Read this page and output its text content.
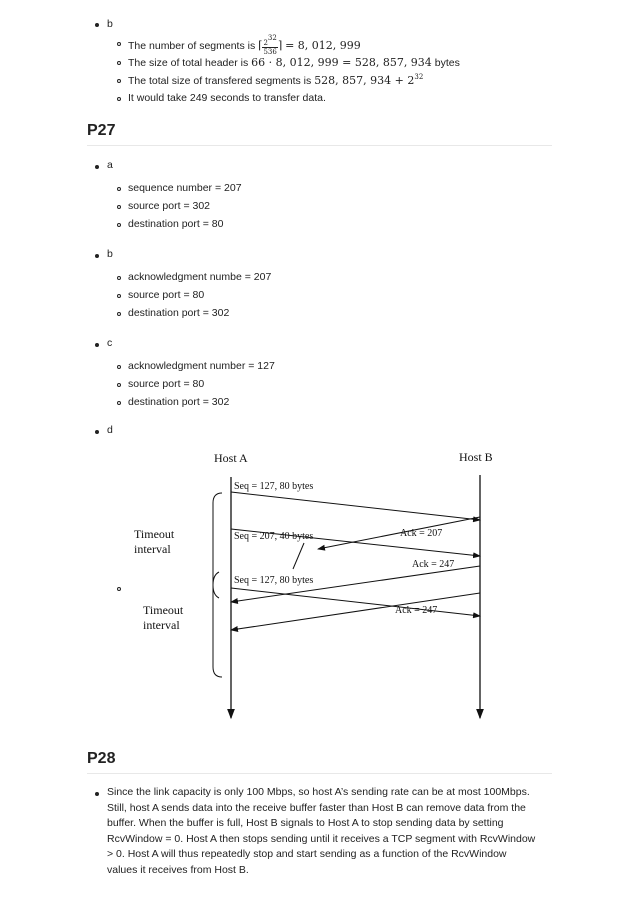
b
The number of segments is ⌈ $\frac{232}{536}$ ⌉ = 8, 012, 999
The size of total header is 66 · 8, 012, 999 = 528, 857, 934 bytes
The total size of transfered segments is 528, 857, $934 + 2^{32}$
It would take 249 seconds to transfer data.
P27
a
sequence number = 207
source port = 302
destination port = 80
b
acknowledgment numbe = 207
source port = 80
destination port = 302
c
acknowledgment number = 127
source port = 80
destination port = 302
d
Host A	Host B
Seq = 127, 80 bytes
Seq = 207, 40 bytes
Seq = 127, 80 bytes
Ack = 207
Ack = 247
Ack = 247
Timeout
interval
Timeout
interval
P28
Since the link capacity is only 100 Mbps, so host A’s sending rate can be at most 100Mbps.
Still, host A sends data into the receive buffer faster than Host B can remove data from the
buffer. When the buffer is full, Host B signals to Host A to stop sending data by setting
RcvWindow = 0. Host A then stops sending until it receives a TCP segment with RcvWindow
> 0. Host A will thus repeatedly stop and start sending as a function of the RcvWindow
values it receives from Host B.
